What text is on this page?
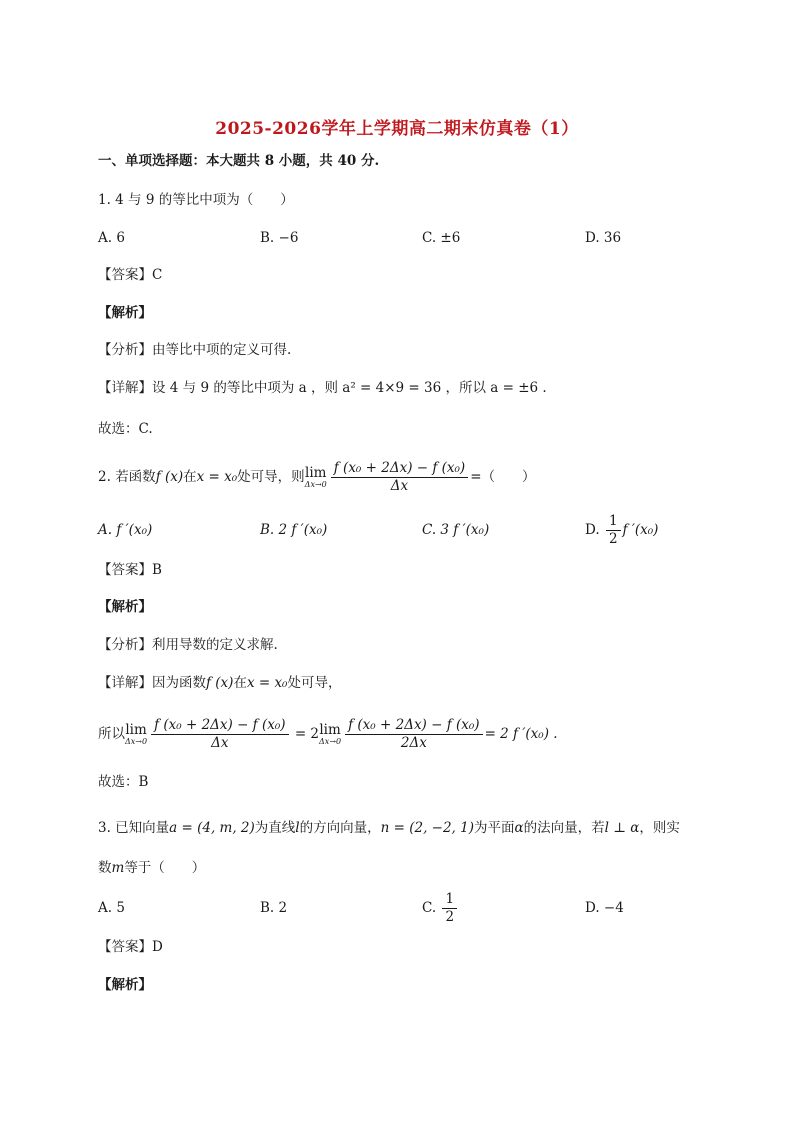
2025-2026学年上学期高二期末仿真卷（1）
一、单项选择题：本大题共 8 小题，共 40 分.
1. 4 与 9 的等比中项为（　　）
A. 6	B. −6	C. ±6	D. 36
【答案】C
【解析】
【分析】由等比中项的定义可得.
【详解】设 4 与 9 的等比中项为 a ，则 a² = 4×9 = 36 ，所以 a = ±6 .
故选：C.
2. 若函数f (x)在x = x₀处可导，则 lim
$\Delta x\to 0 \frac{\text{f (x₀ + 2Δx) − f (x₀)}}{\Delta x}$ =（　　）
A. f ′(x₀)	B. 2 f ′(x₀)	C. 3 f ′(x₀)	D. $\frac{1}{2}$ f ′(x₀)
【答案】B
【解析】
【分析】利用导数的定义求解.
【详解】因为函数f (x)在x = x₀处可导，
所以 lim
$\Delta x\to 0 \frac{\text{f (x₀ + 2Δx) − f (x₀)}}{\Delta x} = 2$ lim
$\Delta x\to 0 \frac{\text{f (x₀ + 2Δx) − f (x₀)}}{2\Delta x} = 2$ f ′(x₀) .
故选：B
3. 已知向量a = (4, m, 2)为直线l的方向向量，n = (2, −2, 1)为平面α的法向量，若l ⊥ α，则实
数m等于（　　）
A. 5	B. 2	C. $\frac{1}{2}$	D. −4
【答案】D
【解析】
